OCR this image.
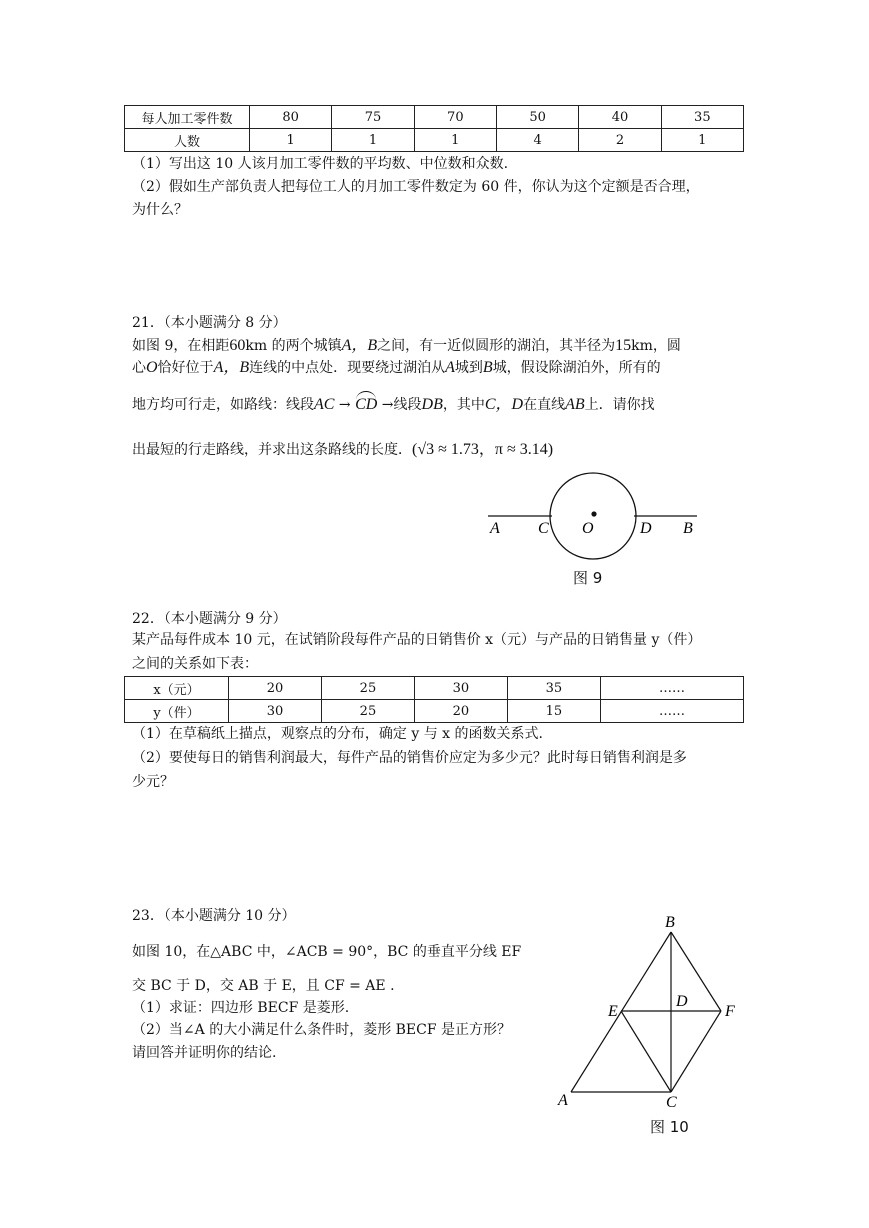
每人加工零件数	80	75	70	50	40	35
人数	1	1	1	4	2	1
（1）写出这 10 人该月加工零件数的平均数、中位数和众数.
（2）假如生产部负责人把每位工人的月加工零件数定为 60 件，你认为这个定额是否合理，
为什么？
21．（本小题满分 8 分）
如图 9，在相距60km 的两个城镇A，B之间，有一近似圆形的湖泊，其半径为15km，圆
心O恰好位于A，B连线的中点处．现要绕过湖泊从A城到B城，假设除湖泊外，所有的
地方均可行走，如路线：线段AC → CD →线段DB，其中C，D在直线AB上．请你找
出最短的行走路线，并求出这条路线的长度．(√3 ≈ 1.73，π ≈ 3.14)
A C O	D B
图 9
22．（本小题满分 9 分）
某产品每件成本 10 元，在试销阶段每件产品的日销售价 x（元）与产品的日销售量 y（件）
之间的关系如下表：
x（元）	20	25	30	35	……
y（件）	30	25	20	15	……
（1）在草稿纸上描点，观察点的分布，确定 y 与 x 的函数关系式.
（2）要使每日的销售利润最大，每件产品的销售价应定为多少元？此时每日销售利润是多
少元？
23．（本小题满分 10 分）
如图 10，在△ABC 中，∠ACB = 90°，BC 的垂直平分线 EF
交 BC 于 D，交 AB 于 E，且 CF = AE .
（1）求证：四边形 BECF 是菱形.
（2）当∠A 的大小满足什么条件时，菱形 BECF 是正方形？
请回答并证明你的结论.
B
E
D
F
A	C
图 10
